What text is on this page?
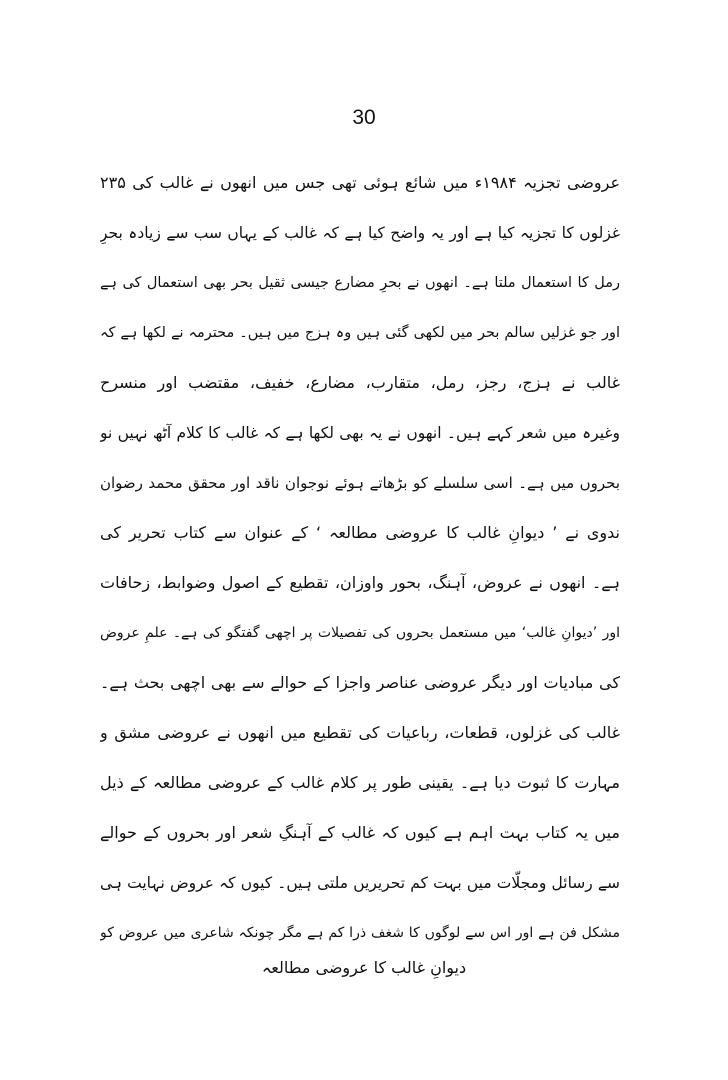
30
عروضی تجزیہ ۱۹۸۴ء میں شائع ہوئی تھی جس میں انھوں نے غالب کی ۲۳۵
غزلوں کا تجزیہ کیا ہے اور یہ واضح کیا ہے کہ غالب کے یہاں سب سے زیادہ بحرِ
رمل کا استعمال ملتا ہے۔ انھوں نے بحرِ مضارع جیسی ثقیل بحر بھی استعمال کی ہے
اور جو غزلیں سالم بحر میں لکھی گئی ہیں وہ ہزج میں ہیں۔ محترمہ نے لکھا ہے کہ
غالب نے ہزج، رجز، رمل، متقارب، مضارع، خفیف، مقتضب اور منسرح
وغیرہ میں شعر کہے ہیں۔ انھوں نے یہ بھی لکھا ہے کہ غالب کا کلام آٹھ نہیں نو
بحروں میں ہے۔ اسی سلسلے کو بڑھاتے ہوئے نوجوان ناقد اور محقق محمد رضوان
ندوی نے ’ دیوانِ غالب کا عروضی مطالعہ ‘ کے عنوان سے کتاب تحریر کی
ہے۔ انھوں نے عروض، آہنگ، بحور واوزان، تقطیع کے اصول وضوابط، زحافات
اور ’دیوانِ غالب‘ میں مستعمل بحروں کی تفصیلات پر اچھی گفتگو کی ہے۔ علمِ عروض
کی مبادیات اور دیگر عروضی عناصر واجزا کے حوالے سے بھی اچھی بحث ہے۔
غالب کی غزلوں، قطعات، رباعیات کی تقطیع میں انھوں نے عروضی مشق و
مہارت کا ثبوت دیا ہے۔ یقینی طور پر کلام غالب کے عروضی مطالعہ کے ذیل
میں یہ کتاب بہت اہم ہے کیوں کہ غالب کے آہنگِ شعر اور بحروں کے حوالے
سے رسائل ومجلّات میں بہت کم تحریریں ملتی ہیں۔ کیوں کہ عروض نہایت ہی
مشکل فن ہے اور اس سے لوگوں کا شغف ذرا کم ہے مگر چونکہ شاعری میں عروض کو
دیوانِ غالب کا عروضی مطالعہ
